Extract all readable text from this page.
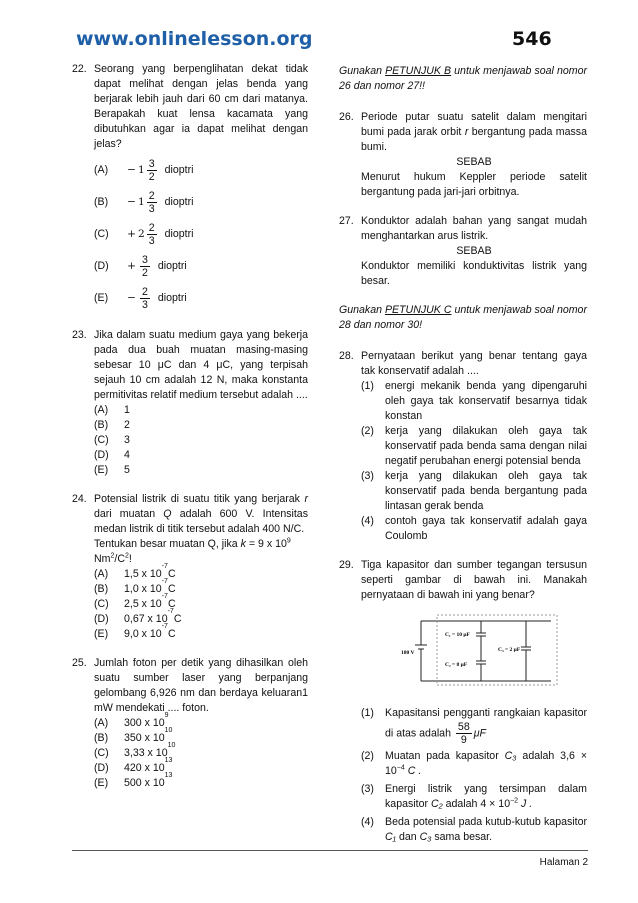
www.onlinelesson.org	546
22. Seorang yang berpenglihatan dekat tidak dapat melihat dengan jelas benda yang berjarak lebih jauh dari 60 cm dari matanya. Berapakah kuat lensa kacamata yang dibutuhkan agar ia dapat melihat dengan jelas?
(A)	− $1 \frac{3}{2}$ dioptri
(B)	− $1 \frac{2}{3}$ dioptri
(C)	+ $2 \frac{2}{3}$ dioptri
(D)	+ $\frac{3}{2}$ dioptri
(E)	− $\frac{2}{3}$ dioptri
23. Jika dalam suatu medium gaya yang bekerja pada dua buah muatan masing-masing sebesar 10 μC dan 4 μC, yang terpisah sejauh 10 cm adalah 12 N, maka konstanta permitivitas relatif medium tersebut adalah ....
(A)	1
(B)	2
(C)	3
(D)	4
(E)	5
24. Potensial listrik di suatu titik yang berjarak r dari muatan Q adalah 600 V. Intensitas medan listrik di titik tersebut adalah 400 N/C.
Tentukan besar muatan Q, jika k = 9 x $10^9$ $Nm^2/C^2$!
(A)	1,5 x 10
-7
C
(B)	1,0 x 10
-7
C
(C)	2,5 x 10
-7
C
(D)	0,67 x 10
-7
C
(E)	9,0 x 10
-7
C
25. Jumlah foton per detik yang dihasilkan oleh suatu sumber laser yang berpanjang gelombang 6,926 nm dan berdaya keluaran1 mW mendekati .... foton.
(A)	300 x 10
9
(B)	350 x 10
10
(C)	3,33 x 10
10
(D)	420 x 10
13
(E)	500 x 10
13
Gunakan PETUNJUK B untuk menjawab soal nomor 26 dan nomor 27!!
26. Periode putar suatu satelit dalam mengitari bumi pada jarak orbit r bergantung pada massa bumi.
SEBAB
Menurut hukum Keppler periode satelit bergantung pada jari-jari orbitnya.
27. Konduktor adalah bahan yang sangat mudah menghantarkan arus listrik.
SEBAB
Konduktor memiliki konduktivitas listrik yang besar.
Gunakan PETUNJUK C untuk menjawab soal nomor 28 dan nomor 30!
28. Pernyataan berikut yang benar tentang gaya tak konservatif adalah ....
(1)	energi mekanik benda yang dipengaruhi oleh gaya tak konservatif besarnya tidak konstan
(2)	kerja yang dilakukan oleh gaya tak konservatif pada benda sama dengan nilai negatif perubahan energi potensial benda
(3)	kerja yang dilakukan oleh gaya tak konservatif pada benda bergantung pada lintasan gerak benda
(4)	contoh gaya tak konservatif adalah gaya Coulomb
29. Tiga kapasitor dan sumber tegangan tersusun seperti gambar di bawah ini. Manakah pernyataan di bawah ini yang benar?
180 V
C₁ = 10 μF
C₂ = 8 μF
C₃ = 2 μF
(1)	Kapasitansi pengganti rangkaian kapasitor di atas adalah $\frac{58}{9}$ μF
(2)	Muatan pada kapasitor C₃ adalah $3,6 \times 10^{-4}$ C .
(3)	Energi listrik yang tersimpan dalam kapasitor C₂ adalah $4 \times 10^{-2}$ J .
(4)	Beda potensial pada kutub-kutub kapasitor C₁ dan C₃ sama besar.
Halaman 2
